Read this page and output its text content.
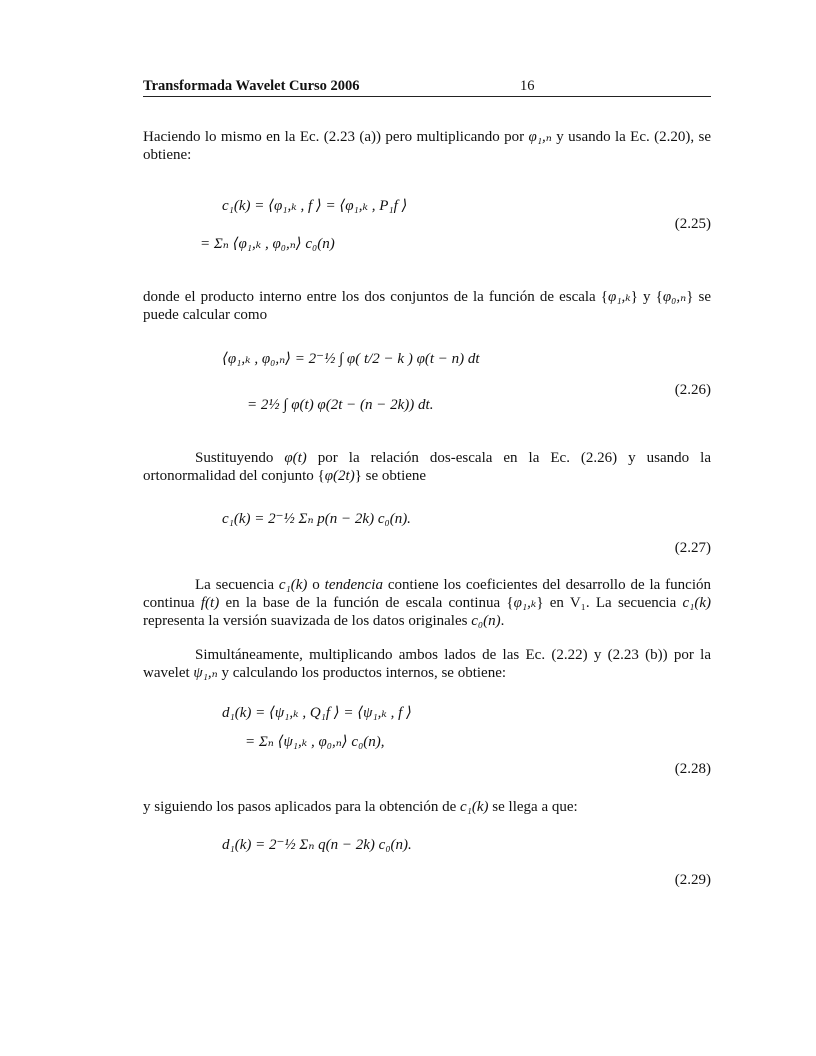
Transformada Wavelet Curso 2006	16

Haciendo lo mismo en la Ec. (2.23 (a)) pero multiplicando por φ₁,ₙ y usando la Ec. (2.20), se obtiene:

c₁(k) = ⟨φ₁,ₖ , f ⟩ = ⟨φ₁,ₖ , P₁f ⟩
= Σₙ ⟨φ₁,ₖ , φ₀,ₙ⟩ c₀(n)
(2.25)

donde el producto interno entre los dos conjuntos de la función de escala {φ₁,ₖ} y {φ₀,ₙ} se puede calcular como

⟨φ₁,ₖ , φ₀,ₙ⟩ = 2⁻½ ∫ φ( t/2 − k ) φ(t − n) dt
= 2½ ∫ φ(t) φ(2t − (n − 2k)) dt.
(2.26)

Sustituyendo φ(t) por la relación dos-escala en la Ec. (2.26) y usando la ortonormalidad del conjunto {φ(2t)} se obtiene

c₁(k) = 2⁻½ Σₙ p(n − 2k) c₀(n).
(2.27)

La secuencia c₁(k) o tendencia contiene los coeficientes del desarrollo de la función continua f(t) en la base de la función de escala continua {φ₁,ₖ} en V₁. La secuencia c₁(k) representa la versión suavizada de los datos originales c₀(n).

Simultáneamente, multiplicando ambos lados de las Ec. (2.22) y (2.23 (b)) por la wavelet ψ₁,ₙ y calculando los productos internos, se obtiene:

d₁(k) = ⟨ψ₁,ₖ , Q₁f ⟩ = ⟨ψ₁,ₖ , f ⟩
= Σₙ ⟨ψ₁,ₖ , φ₀,ₙ⟩ c₀(n),
(2.28)

y siguiendo los pasos aplicados para la obtención de c₁(k) se llega a que:

d₁(k) = 2⁻½ Σₙ q(n − 2k) c₀(n).
(2.29)
